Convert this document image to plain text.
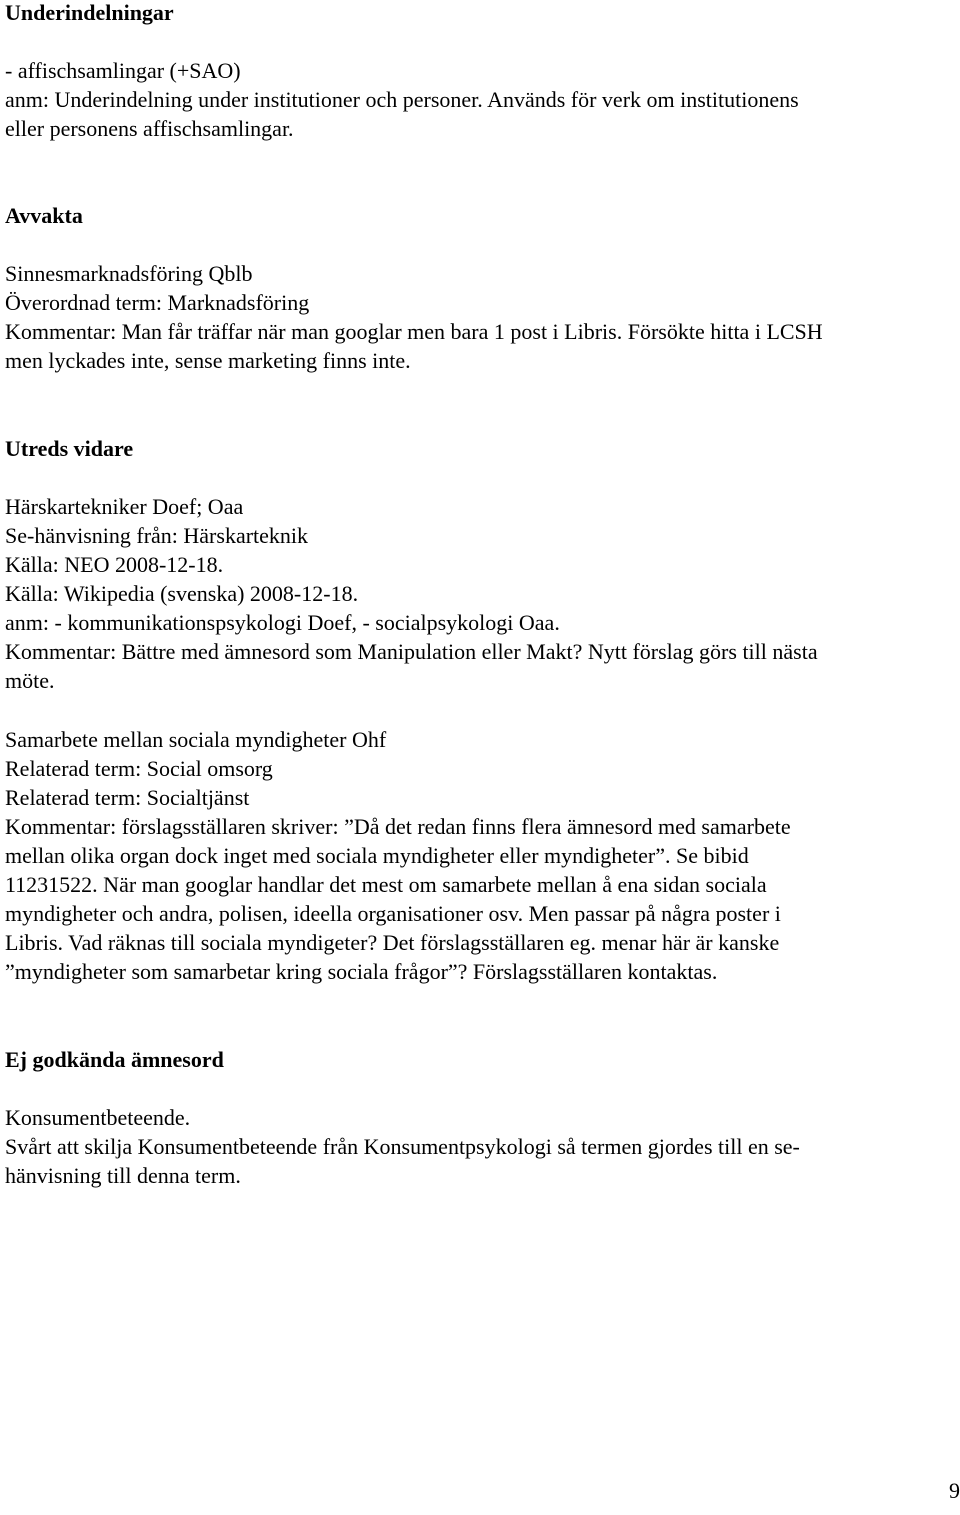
Underindelningar

- affischsamlingar (+SAO)

anm: Underindelning under institutioner och personer. Används för verk om institutionens

eller personens affischsamlingar.

Avvakta

Sinnesmarknadsföring Qblb

Överordnad term: Marknadsföring

Kommentar: Man får träffar när man googlar men bara 1 post i Libris. Försökte hitta i LCSH

men lyckades inte, sense marketing finns inte.

Utreds vidare

Härskartekniker Doef; Oaa

Se-hänvisning från: Härskarteknik

Källa: NEO 2008-12-18.

Källa: Wikipedia (svenska) 2008-12-18.

anm: - kommunikationspsykologi Doef, - socialpsykologi Oaa.

Kommentar: Bättre med ämnesord som Manipulation eller Makt? Nytt förslag görs till nästa

möte.

Samarbete mellan sociala myndigheter Ohf

Relaterad term: Social omsorg

Relaterad term: Socialtjänst

Kommentar: förslagsställaren skriver: ”Då det redan finns flera ämnesord med samarbete

mellan olika organ dock inget med sociala myndigheter eller myndigheter”. Se bibid

11231522. När man googlar handlar det mest om samarbete mellan å ena sidan sociala

myndigheter och andra, polisen, ideella organisationer osv. Men passar på några poster i

Libris. Vad räknas till sociala myndigeter? Det förslagsställaren eg. menar här är kanske

”myndigheter som samarbetar kring sociala frågor”? Förslagsställaren kontaktas.

Ej godkända ämnesord

Konsumentbeteende.

Svårt att skilja Konsumentbeteende från Konsumentpsykologi så termen gjordes till en se-

hänvisning till denna term.

9
